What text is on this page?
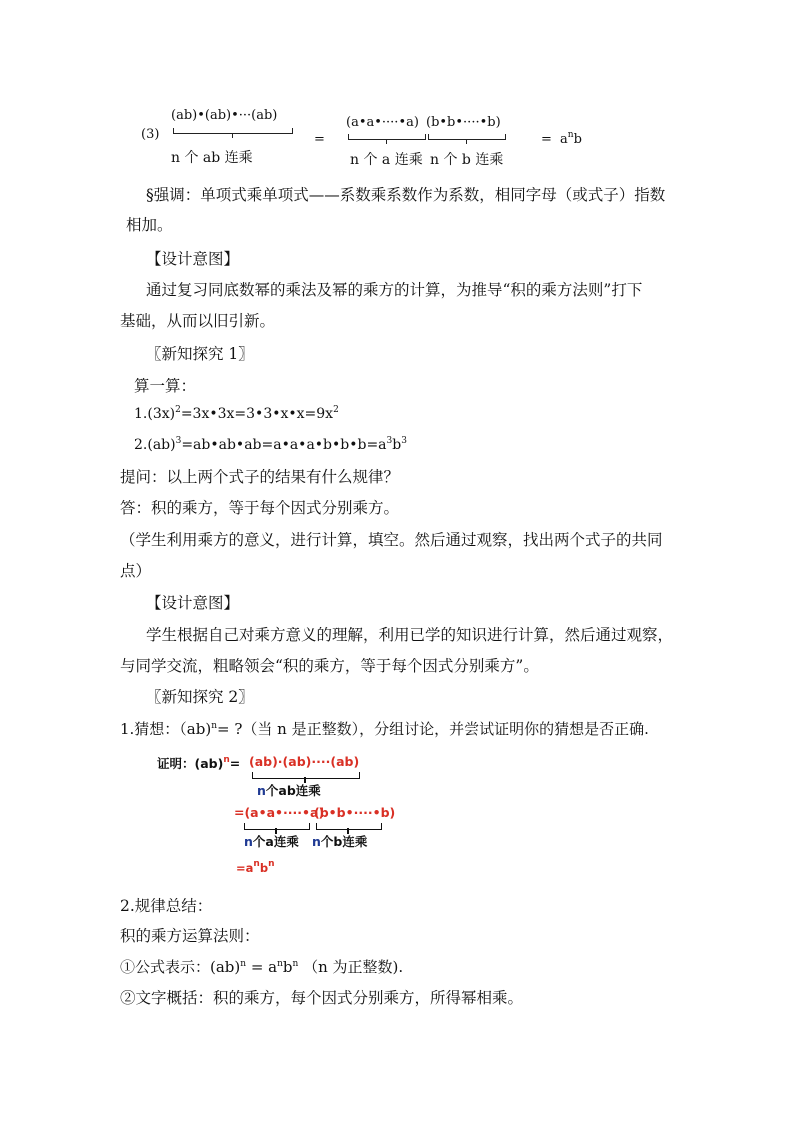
(3)
(ab)•(ab)•···(ab)
n 个 ab 连乘
=
(a•a•····•a) (b•b•····•b)
n 个 a 连乘 n 个 b 连乘
= $a^nb$
§强调：单项式乘单项式——系数乘系数作为系数，相同字母（或式子）指数
相加。
【设计意图】
通过复习同底数幂的乘法及幂的乘方的计算，为推导“积的乘方法则”打下
基础，从而以旧引新。
〖新知探究 1〗
算一算：
$1.(3x)^2=3x•3x=3•3•x•x=9x^2$
$2.(ab)^3=ab•ab•ab=a•a•a•b•b•b=a^3b^3$
提问：以上两个式子的结果有什么规律？
答：积的乘方，等于每个因式分别乘方。
（学生利用乘方的意义，进行计算，填空。然后通过观察，找出两个式子的共同
点）
【设计意图】
学生根据自己对乘方意义的理解，利用已学的知识进行计算，然后通过观察，
与同学交流，粗略领会“积的乘方，等于每个因式分别乘方”。
〖新知探究 2〗
1.猜想：（ab)$^n$= ?（当 n 是正整数），分组讨论，并尝试证明你的猜想是否正确.
证明：(ab)$^n$= (ab)·(ab)····(ab)
n个ab连乘
=(a•a•····•a)
(b•b•····•b)
n个a连乘 n个b连乘
$=a^nb^n$
2.规律总结：
积的乘方运算法则：
①公式表示：$(ab)^n = a^nb^n$ （n 为正整数).
②文字概括：积的乘方，每个因式分别乘方，所得幂相乘。
